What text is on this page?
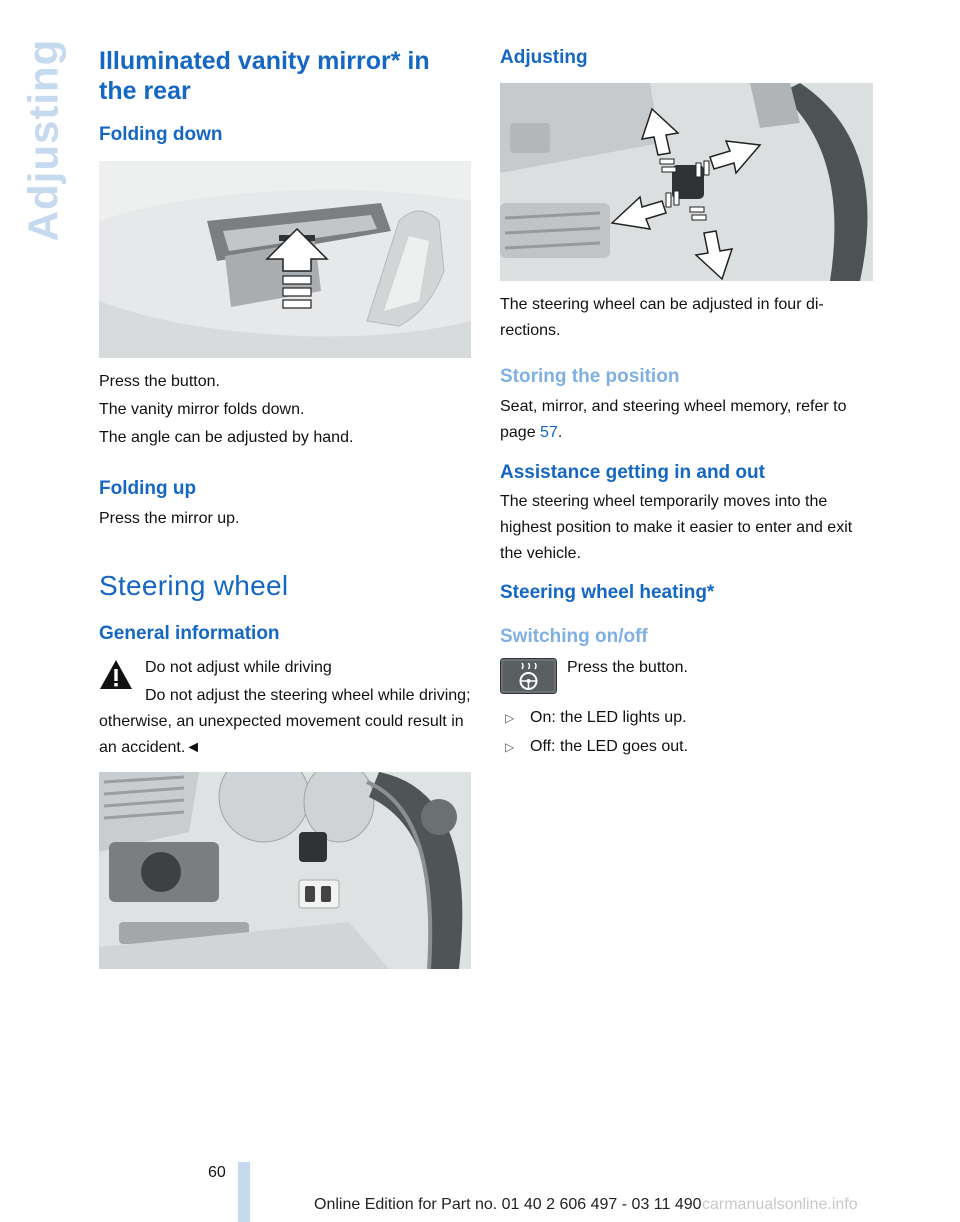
Adjusting Illuminated vanity mirror* in the rear
Folding down

Press the button.

The vanity mirror folds down.

The angle can be adjusted by hand.

Folding up

Press the mirror up.

Steering wheel
General information

Do not adjust while driving

Do not adjust the steering wheel while driving; otherwise, an unexpected movement could result in an accident.◄

Adjusting

The steering wheel can be adjusted in four di-rections.

Storing the position

Seat, mirror, and steering wheel memory, refer to page 57.

Assistance getting in and out

The steering wheel temporarily moves into the highest position to make it easier to enter and exit the vehicle.

Steering wheel heating*
Switching on/off

Press the button.

▷ On: the LED lights up.
▷ Off: the LED goes out.
60
Online Edition for Part no. 01 40 2 606 497 - 03 11 490 carmanualsonline.info
